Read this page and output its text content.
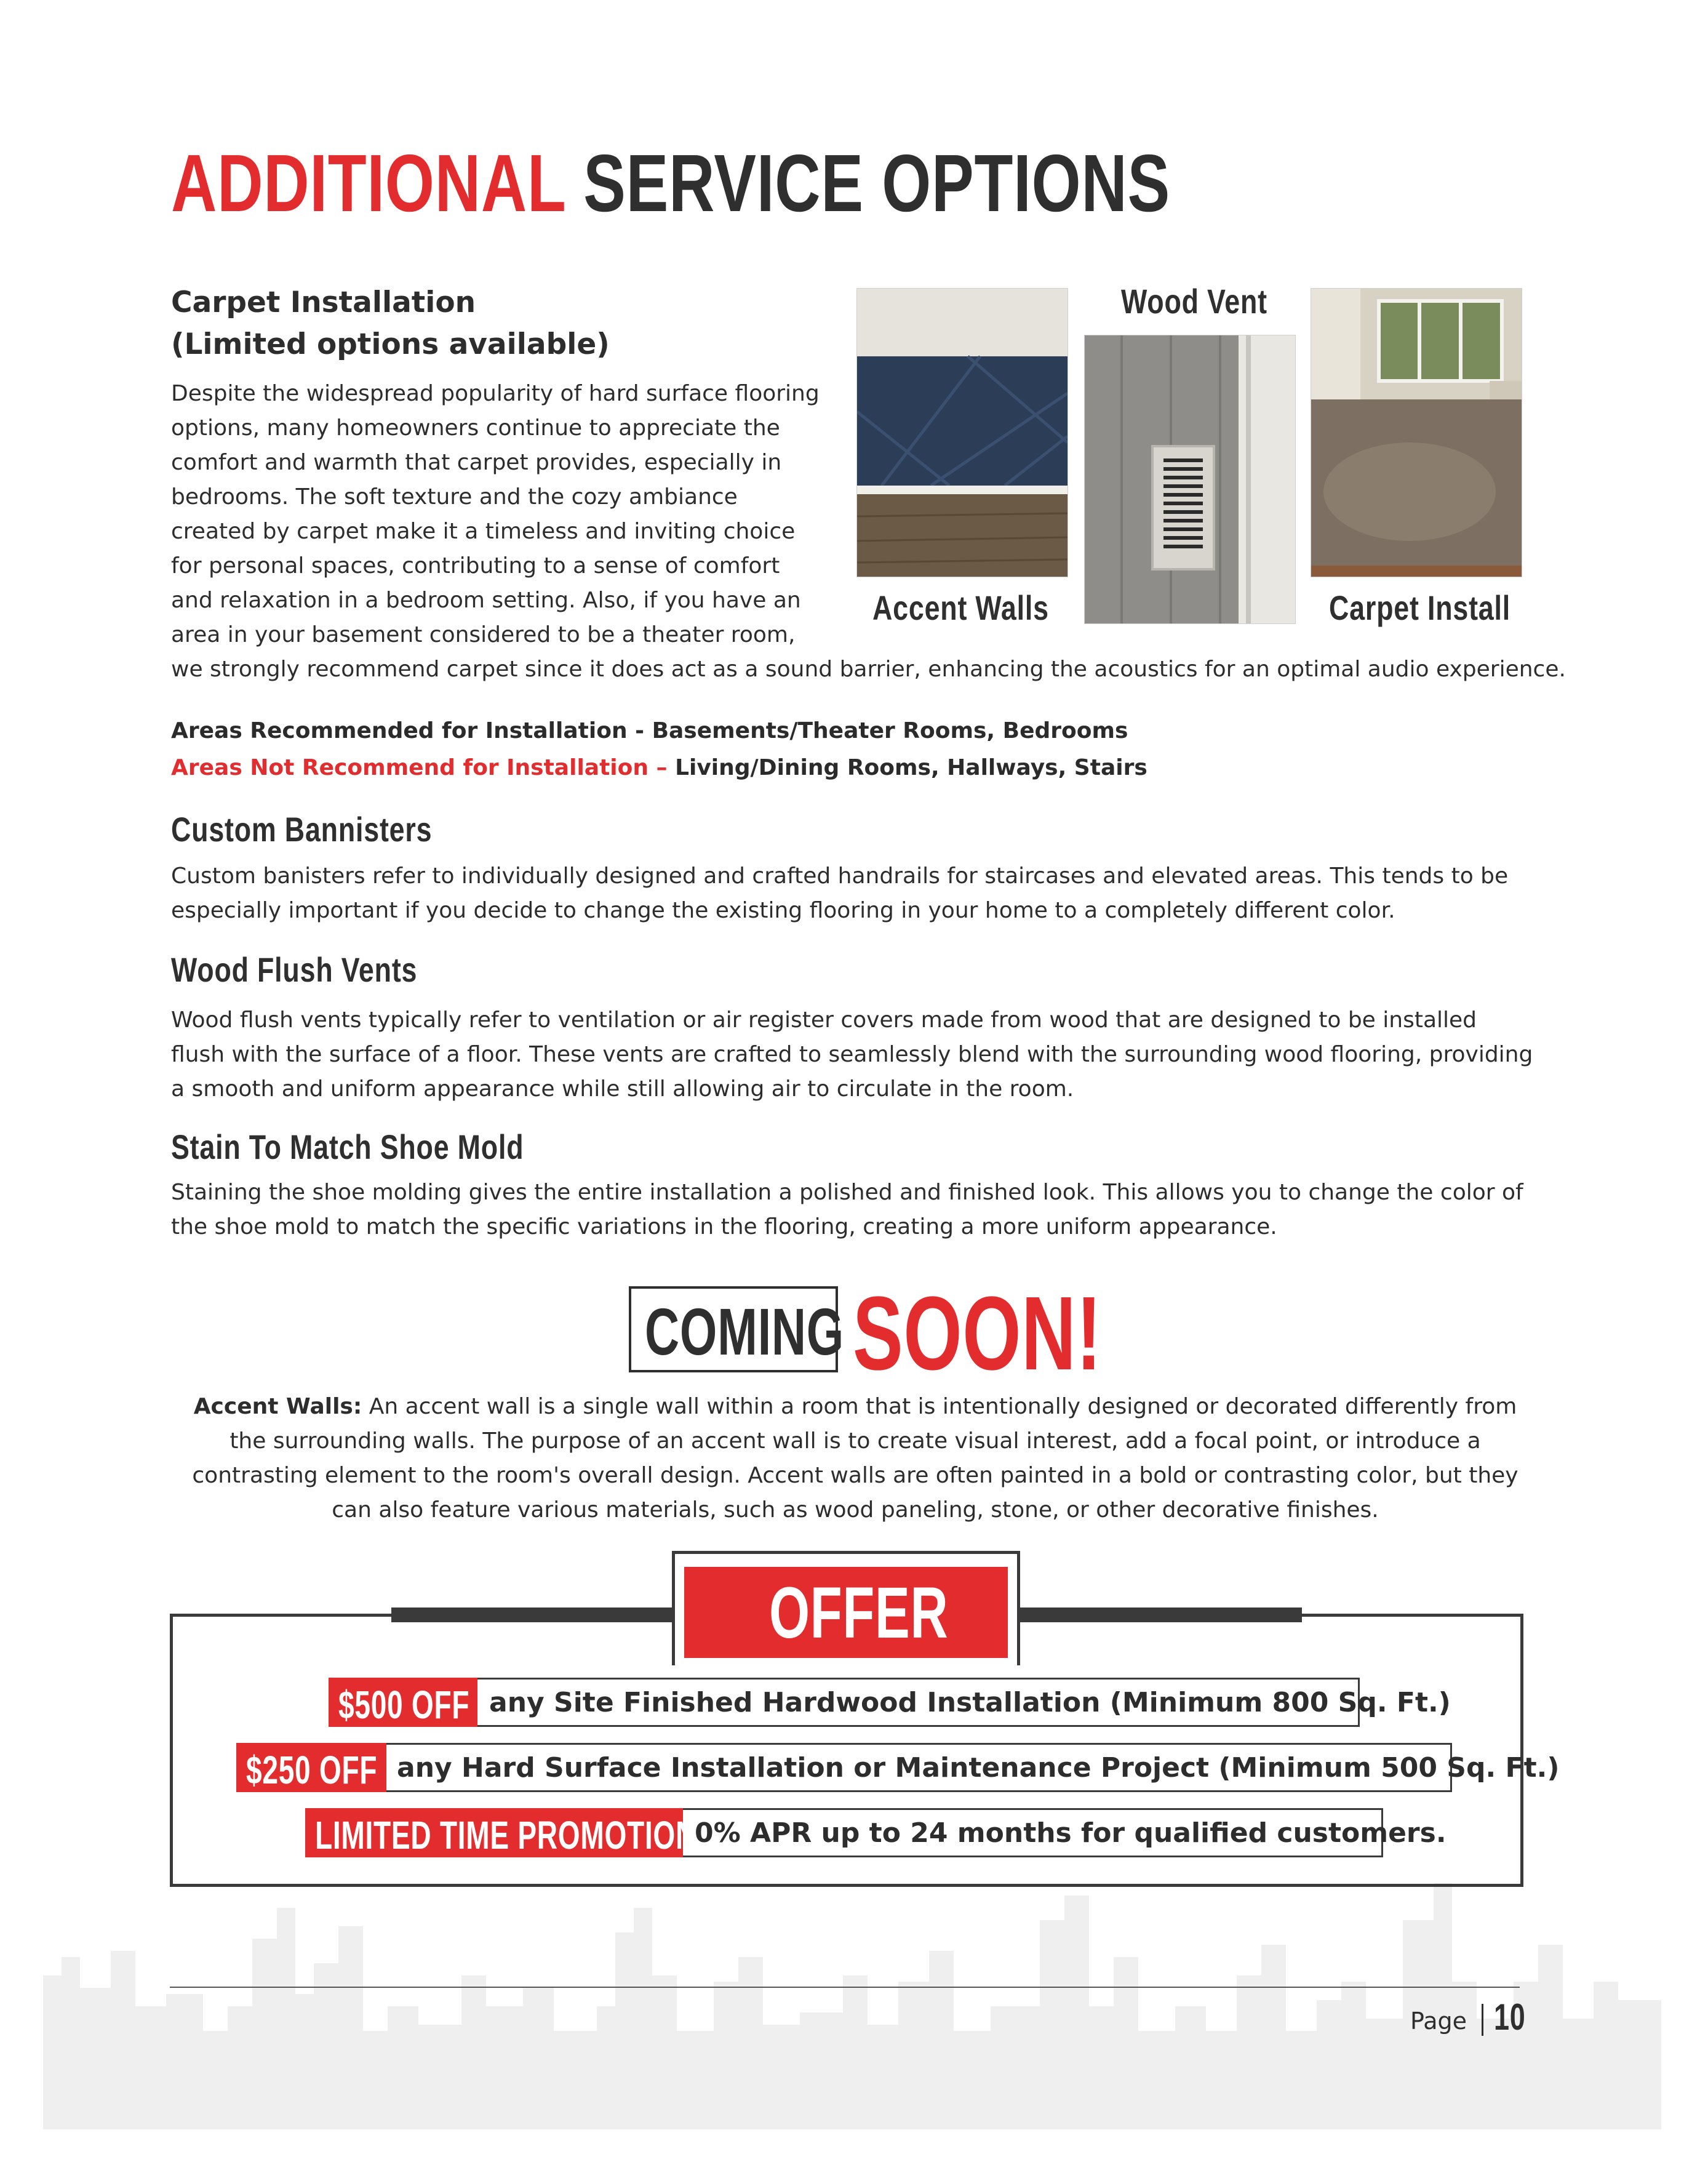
ADDITIONAL SERVICE OPTIONS
Carpet Installation
(Limited options available)
Despite the widespread popularity of hard surface flooring
options, many homeowners continue to appreciate the
comfort and warmth that carpet provides, especially in
bedrooms. The soft texture and the cozy ambiance
created by carpet make it a timeless and inviting choice
for personal spaces, contributing to a sense of comfort
and relaxation in a bedroom setting. Also, if you have an
area in your basement considered to be a theater room,
we strongly recommend carpet since it does act as a sound barrier, enhancing the acoustics for an optimal audio experience.
Accent Walls
Wood Vent
Carpet Install
Areas Recommended for Installation - Basements/Theater Rooms, Bedrooms
Areas Not Recommend for Installation – Living/Dining Rooms, Hallways, Stairs
Custom Bannisters
Custom banisters refer to individually designed and crafted handrails for staircases and elevated areas. This tends to be
especially important if you decide to change the existing flooring in your home to a completely different color.
Wood Flush Vents
Wood flush vents typically refer to ventilation or air register covers made from wood that are designed to be installed
flush with the surface of a floor. These vents are crafted to seamlessly blend with the surrounding wood flooring, providing
a smooth and uniform appearance while still allowing air to circulate in the room.
Stain To Match Shoe Mold
Staining the shoe molding gives the entire installation a polished and finished look. This allows you to change the color of
the shoe mold to match the specific variations in the flooring, creating a more uniform appearance.
COMING SOON!
Accent Walls: An accent wall is a single wall within a room that is intentionally designed or decorated differently from
the surrounding walls. The purpose of an accent wall is to create visual interest, add a focal point, or introduce a
contrasting element to the room's overall design. Accent walls are often painted in a bold or contrasting color, but they
can also feature various materials, such as wood paneling, stone, or other decorative finishes.
OFFER
$500 OFF any Site Finished Hardwood Installation (Minimum 800 Sq. Ft.)
$250 OFF any Hard Surface Installation or Maintenance Project (Minimum 500 Sq. Ft.)
LIMITED TIME PROMOTION
0% APR up to 24 months for qualified customers.
Page 10
